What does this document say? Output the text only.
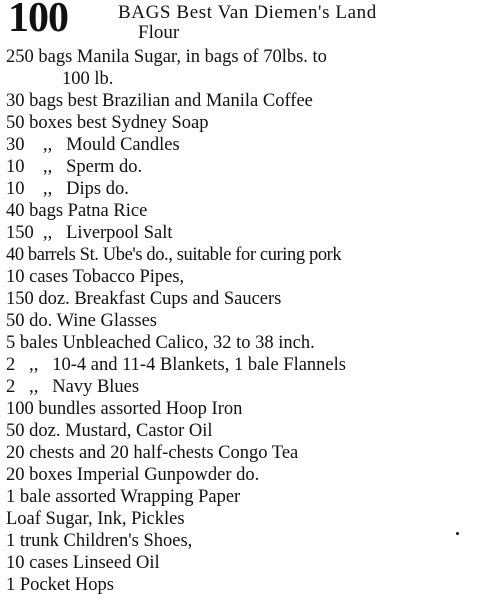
100	BAGS Best Van Diemen's Land
Flour
250 bags Manila Sugar, in bags of 70lbs. to
100 lb.
30 bags best Brazilian and Manila Coffee
50 boxes best Sydney Soap
30    ,,   Mould Candles
10    ,,   Sperm do.
10    ,,   Dips do.
40 bags Patna Rice
150  ,,   Liverpool Salt
40 barrels St. Ube's do., suitable for curing pork
10 cases Tobacco Pipes,
150 doz. Breakfast Cups and Saucers
50 do. Wine Glasses
5 bales Unbleached Calico, 32 to 38 inch.
2   ,,   10-4 and 11-4 Blankets, 1 bale Flannels
2   ,,   Navy Blues
100 bundles assorted Hoop Iron
50 doz. Mustard, Castor Oil
20 chests and 20 half-chests Congo Tea
20 boxes Imperial Gunpowder do.
1 bale assorted Wrapping Paper
Loaf Sugar, Ink, Pickles
1 trunk Children's Shoes,
10 cases Linseed Oil
1 Pocket Hops
